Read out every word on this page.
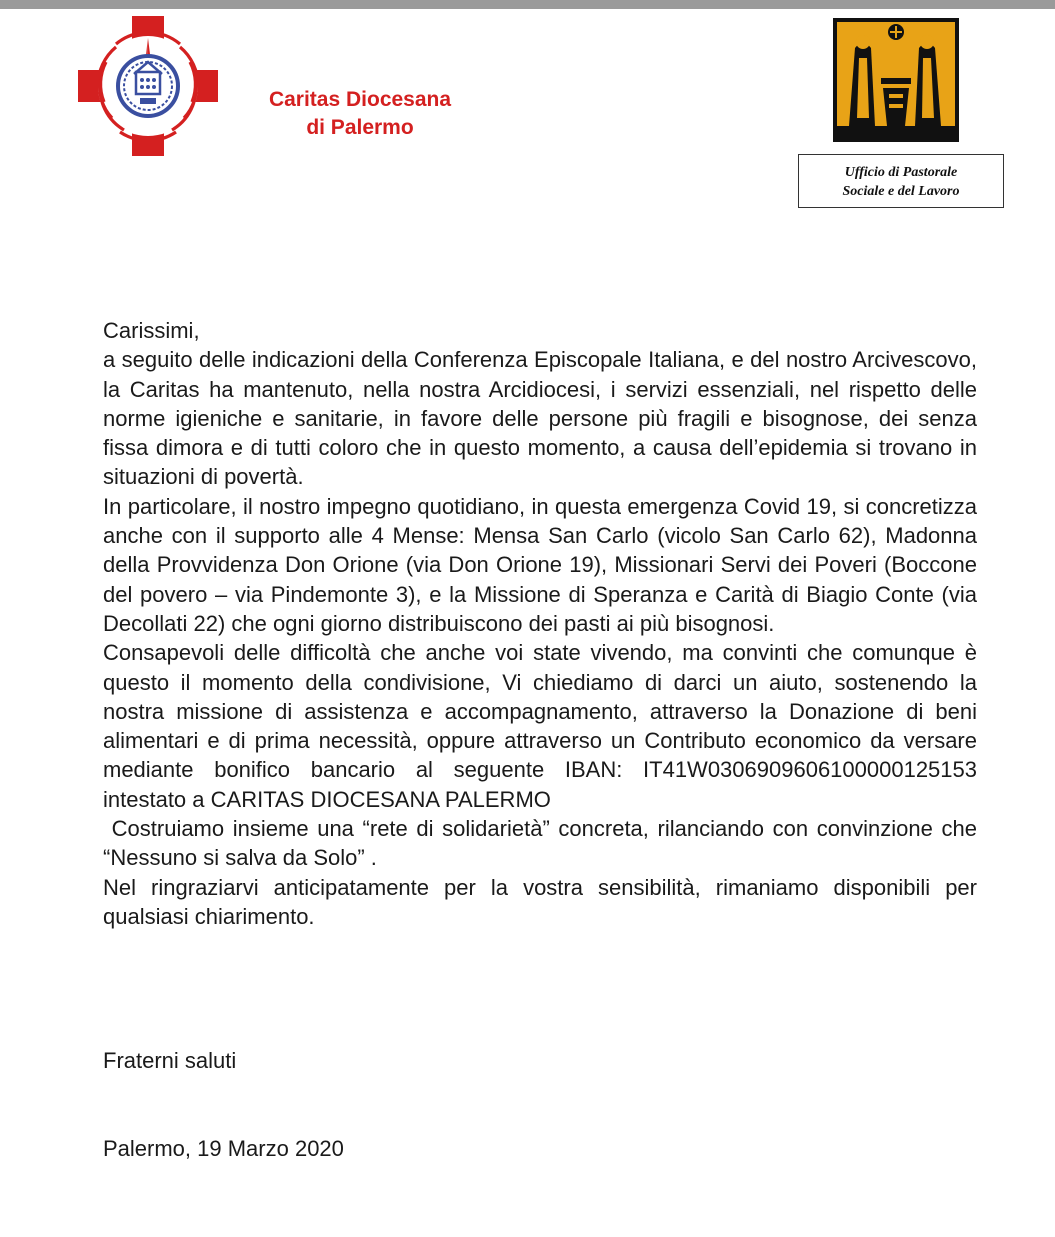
Caritas Diocesana
di Palermo
Ufficio di Pastorale
Sociale e del Lavoro

Carissimi,

a seguito delle indicazioni della Conferenza Episcopale Italiana, e del nostro Arcivescovo, la Caritas ha mantenuto, nella nostra Arcidiocesi, i servizi essenziali, nel rispetto delle norme igieniche e sanitarie, in favore delle persone più fragili e bisognose, dei senza fissa dimora e di tutti coloro che in questo momento, a causa dell’epidemia si trovano in situazioni di povertà.

In particolare, il nostro impegno quotidiano, in questa emergenza Covid 19, si concretizza anche con il supporto alle 4 Mense: Mensa San Carlo (vicolo San Carlo 62), Madonna della Provvidenza Don Orione (via Don Orione 19), Missionari Servi dei Poveri (Boccone del povero – via Pindemonte 3), e la Missione di Speranza e Carità di Biagio Conte (via Decollati 22) che ogni giorno distribuiscono dei pasti ai più bisognosi.

Consapevoli delle difficoltà che anche voi state vivendo, ma convinti che comunque è questo il momento della condivisione, Vi chiediamo di darci un aiuto, sostenendo la nostra missione di assistenza e accompagnamento, attraverso la Donazione di beni alimentari e di prima necessità, oppure attraverso un Contributo economico da versare mediante bonifico bancario al seguente IBAN: IT41W0306909606100000125153 intestato a CARITAS DIOCESANA PALERMO

Costruiamo insieme una “rete di solidarietà” concreta, rilanciando con convinzione che “Nessuno si salva da Solo” .

Nel ringraziarvi anticipatamente per la vostra sensibilità, rimaniamo disponibili per qualsiasi chiarimento.

Fraterni saluti
Palermo, 19 Marzo 2020
